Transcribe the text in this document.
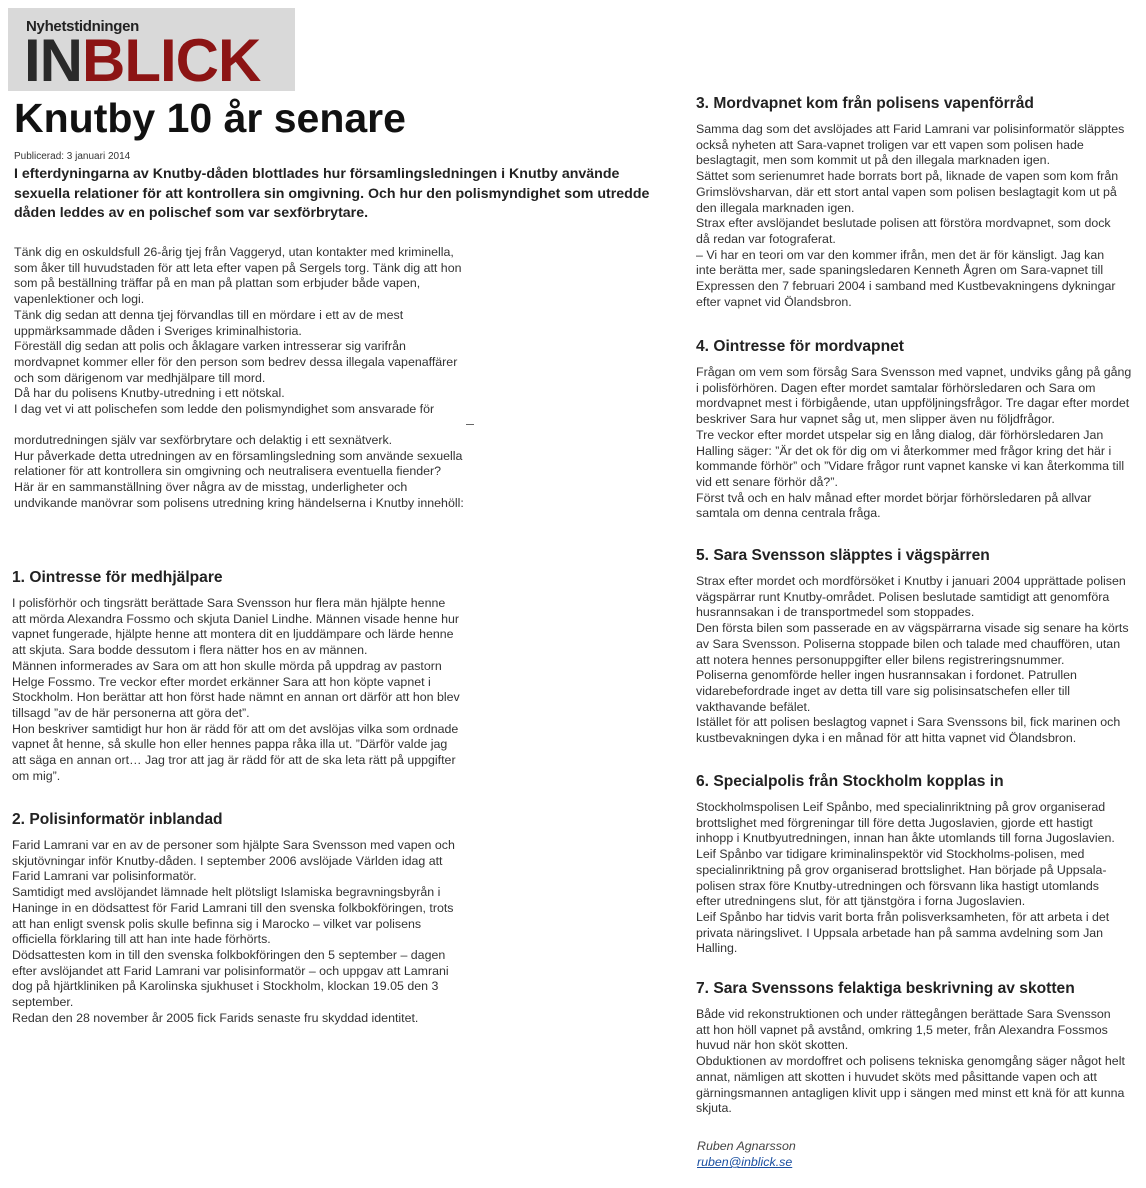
Nyhetstidningen
INBLICK
Knutby 10 år senare
Publicerad: 3 januari 2014

I efterdyningarna av Knutby-dåden blottlades hur församlingsledningen i Knutby använde sexuella relationer för att kontrollera sin omgivning. Och hur den polismyndighet som utredde dåden leddes av en polischef som var sexförbrytare.

Tänk dig en oskuldsfull 26-årig tjej från Vaggeryd, utan kontakter med kriminella, som åker till huvudstaden för att leta efter vapen på Sergels torg. Tänk dig att hon som på beställning träffar på en man på plattan som erbjuder både vapen, vapenlektioner och logi.

Tänk dig sedan att denna tjej förvandlas till en mördare i ett av de mest uppmärksammade dåden i Sveriges kriminalhistoria.

Föreställ dig sedan att polis och åklagare varken intresserar sig varifrån mordvapnet kommer eller för den person som bedrev dessa illegala vapenaffärer och som därigenom var medhjälpare till mord.

Då har du polisens Knutby-utredning i ett nötskal.

I dag vet vi att polischefen som ledde den polismyndighet som ansvarade för

mordutredningen själv var sexförbrytare och delaktig i ett sexnätverk.

Hur påverkade detta utredningen av en församlingsledning som använde sexuella relationer för att kontrollera sin omgivning och neutralisera eventuella fiender?

Här är en sammanställning över några av de misstag, underligheter och undvikande manövrar som polisens utredning kring händelserna i Knutby innehöll:

1. Ointresse för medhjälpare

I polisförhör och tingsrätt berättade Sara Svensson hur flera män hjälpte henne att mörda Alexandra Fossmo och skjuta Daniel Lindhe. Männen visade henne hur vapnet fungerade, hjälpte henne att montera dit en ljuddämpare och lärde henne att skjuta. Sara bodde dessutom i flera nätter hos en av männen.

Männen informerades av Sara om att hon skulle mörda på uppdrag av pastorn Helge Fossmo. Tre veckor efter mordet erkänner Sara att hon köpte vapnet i Stockholm. Hon berättar att hon först hade nämnt en annan ort därför att hon blev tillsagd ”av de här personerna att göra det”.

Hon beskriver samtidigt hur hon är rädd för att om det avslöjas vilka som ordnade vapnet åt henne, så skulle hon eller hennes pappa råka illa ut. ”Därför valde jag att säga en annan ort… Jag tror att jag är rädd för att de ska leta rätt på uppgifter om mig”.

2. Polisinformatör inblandad

Farid Lamrani var en av de personer som hjälpte Sara Svensson med vapen och skjutövningar inför Knutby-dåden. I september 2006 avslöjade Världen idag att Farid Lamrani var polisinformatör.

Samtidigt med avslöjandet lämnade helt plötsligt Islamiska begravningsbyrån i Haninge in en dödsattest för Farid Lamrani till den svenska folkbokföringen, trots att han enligt svensk polis skulle befinna sig i Marocko – vilket var polisens officiella förklaring till att han inte hade förhörts.

Dödsattesten kom in till den svenska folkbokföringen den 5 september – dagen efter avslöjandet att Farid Lamrani var polisinformatör – och uppgav att Lamrani dog på hjärtkliniken på Karolinska sjukhuset i Stockholm, klockan 19.05 den 3 september.

Redan den 28 november år 2005 fick Farids senaste fru skyddad identitet.

3. Mordvapnet kom från polisens vapenförråd

Samma dag som det avslöjades att Farid Lamrani var polisinformatör släpptes också nyheten att Sara-vapnet troligen var ett vapen som polisen hade beslagtagit, men som kommit ut på den illegala marknaden igen.

Sättet som serienumret hade borrats bort på, liknade de vapen som kom från Grimslövsharvan, där ett stort antal vapen som polisen beslagtagit kom ut på den illegala marknaden igen.

Strax efter avslöjandet beslutade polisen att förstöra mordvapnet, som dock då redan var fotograferat.

– Vi har en teori om var den kommer ifrån, men det är för känsligt. Jag kan inte berätta mer, sade spaningsledaren Kenneth Ågren om Sara-vapnet till Expressen den 7 februari 2004 i samband med Kustbevakningens dykningar efter vapnet vid Ölandsbron.

4. Ointresse för mordvapnet

Frågan om vem som försåg Sara Svensson med vapnet, undviks gång på gång i polisförhören. Dagen efter mordet samtalar förhörsledaren och Sara om mordvapnet mest i förbigående, utan uppföljningsfrågor. Tre dagar efter mordet beskriver Sara hur vapnet såg ut, men slipper även nu följdfrågor.

Tre veckor efter mordet utspelar sig en lång dialog, där förhörsledaren Jan Halling säger: ”Är det ok för dig om vi återkommer med frågor kring det här i kommande förhör” och ”Vidare frågor runt vapnet kanske vi kan återkomma till vid ett senare förhör då?”.

Först två och en halv månad efter mordet börjar förhörsledaren på allvar samtala om denna centrala fråga.

5. Sara Svensson släpptes i vägspärren

Strax efter mordet och mordförsöket i Knutby i januari 2004 upprättade polisen vägspärrar runt Knutby-området. Polisen beslutade samtidigt att genomföra husrannsakan i de transportmedel som stoppades.

Den första bilen som passerade en av vägspärrarna visade sig senare ha körts av Sara Svensson. Poliserna stoppade bilen och talade med chauffören, utan att notera hennes personuppgifter eller bilens registreringsnummer.

Poliserna genomförde heller ingen husrannsakan i fordonet. Patrullen vidarebefordrade inget av detta till vare sig polisinsatschefen eller till vakthavande befälet.

Istället för att polisen beslagtog vapnet i Sara Svenssons bil, fick marinen och kustbevakningen dyka i en månad för att hitta vapnet vid Ölandsbron.

6. Specialpolis från Stockholm kopplas in

Stockholmspolisen Leif Spånbo, med specialinriktning på grov organiserad brottslighet med förgreningar till före detta Jugoslavien, gjorde ett hastigt inhopp i Knutbyutredningen, innan han åkte utomlands till forna Jugoslavien.

Leif Spånbo var tidigare kriminalinspektör vid Stockholms-polisen, med specialinriktning på grov organiserad brottslighet. Han började på Uppsala-polisen strax före Knutby-utredningen och försvann lika hastigt utomlands efter utredningens slut, för att tjänstgöra i forna Jugoslavien.

Leif Spånbo har tidvis varit borta från polisverksamheten, för att arbeta i det privata näringslivet. I Uppsala arbetade han på samma avdelning som Jan Halling.

7. Sara Svenssons felaktiga beskrivning av skotten

Både vid rekonstruktionen och under rättegången berättade Sara Svensson att hon höll vapnet på avstånd, omkring 1,5 meter, från Alexandra Fossmos huvud när hon sköt skotten.

Obduktionen av mordoffret och polisens tekniska genomgång säger något helt annat, nämligen att skotten i huvudet sköts med påsittande vapen och att gärningsmannen antagligen klivit upp i sängen med minst ett knä för att kunna skjuta.

Ruben Agnarsson
ruben@inblick.se
